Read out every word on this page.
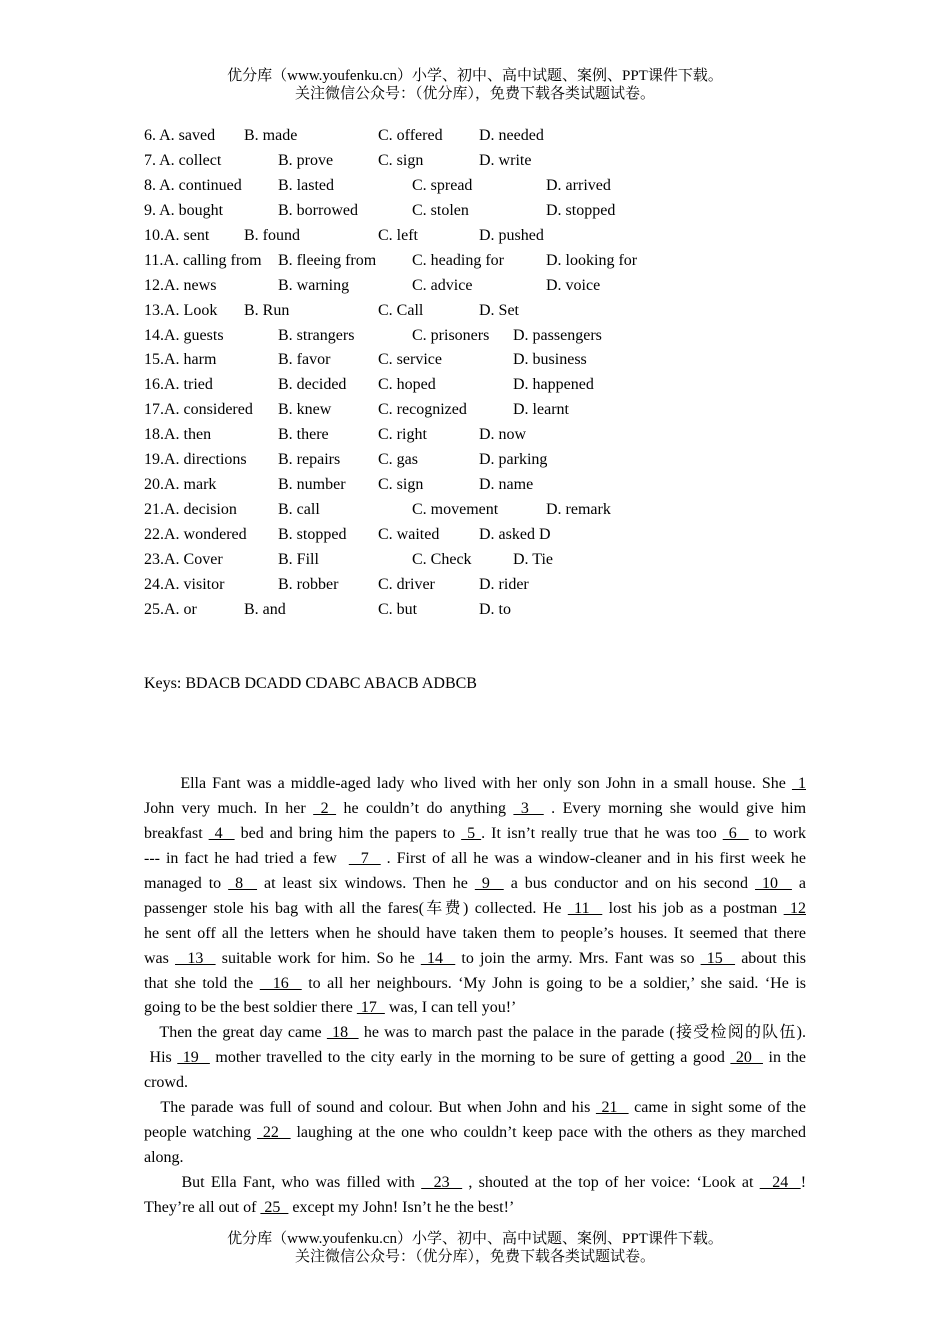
优分库（www.youfenku.cn）小学、初中、高中试题、案例、PPT课件下载。
关注微信公众号：（优分库），免费下载各类试题试卷。
6. A. saved B. made	C. offered D. needed
7. A. collect	B. prove	C. sign	D. write
8. A. continued B. lasted	C. spread	D. arrived
9. A. bought	B. borrowed	C. stolen	D. stopped
10.A. sent B. found	C. left	D. pushed
11.A. calling from B. fleeing from C. heading for	D. looking for
12.A. news	B. warning	C. advice	D. voice
13.A. Look B. Run	C. Call	D. Set
14.A. guests	B. strangers	C. prisoners D. passengers
15.A. harm	B. favor	C. service	D. business
16.A. tried	B. decided C. hoped	D. happened
17.A. considered B. knew	C. recognized	D. learnt
18.A. then	B. there	C. right	D. now
19.A. directions B. repairs C. gas	D. parking
20.A. mark	B. number C. sign	D. name
21.A. decision	B. call	C. movement	D. remark
22.A. wondered B. stopped C. waited D. asked D
23.A. Cover	B. Fill	C. Check	D. Tie
24.A. visitor	B. robber C. driver	D. rider
25.A. or	B. and	C. but	D. to
Keys: BDACB DCADD CDABC ABACB ADBCB
Ella Fant was a middle-aged lady who lived with her only son John in a small house. She  1
John very much. In her  2  he couldn’t do anything  3   . Every morning she would give him
breakfast  4   bed and bring him the papers to  5 . It isn’t really true that he was too  6   to work
--- in fact he had tried a few    7   . First of all he was a window-cleaner and in his first week he
managed to  8   at least six windows. Then he  9   a bus conductor and on his second  10   a
passenger stole his bag with all the fares(车费) collected. He  11   lost his job as a postman  12
he sent off all the letters when he should have taken them to people’s houses. It seemed that there
was   13   suitable work for him. So he  14   to join the army. Mrs. Fant was so  15   about this
that she told the   16   to all her neighbours. ‘My John is going to be a soldier,’ she said. ‘He is
going to be the best soldier there  17   was, I can tell you!’
Then the great day came  18   he was to march past the palace in the parade (接受检阅的队伍).
His  19   mother travelled to the city early in the morning to be sure of getting a good  20   in the
crowd.
The parade was full of sound and colour. But when John and his  21   came in sight some of the
people watching  22   laughing at the one who couldn’t keep pace with the others as they marched
along.
But Ella Fant, who was filled with   23   , shouted at the top of her voice: ‘Look at   24  !
They’re all out of  25   except my John! Isn’t he the best!’
优分库（www.youfenku.cn）小学、初中、高中试题、案例、PPT课件下载。
关注微信公众号：（优分库），免费下载各类试题试卷。
